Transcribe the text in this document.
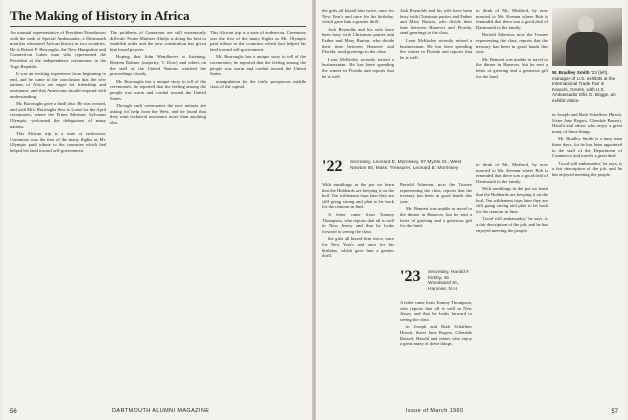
The Making of History in Africa

An unusual representative of President Eisenhower with the rank of Special Ambassador, a Dartmouth man has witnessed African history in two countries. He is Robert P. Burroughs, the New Hampshire and Connecticut Lakes man who represented the President at the independence ceremonies in the Togo Republic.

It was an exciting experience from beginning to end, and he came to the conclusion that the new nations of Africa are eager for friendship and assistance, and that Americans should respond with understanding.

Mr. Burroughs gave a thrill also. He was invited, and with Mrs. Burroughs flew to Lomé for the April ceremonies, where the Prime Minister, Sylvanus Olympio, welcomed the delegations of many nations.

This African trip is a state of endeavour, Ceremony was the first of the many flights as Mr. Olympio paid tribute to the countries which had helped his land toward self-government.

The problems of Cameroun are still enormously difficult. Prime Minister Ahidjo is doing his best to establish order and the new constitution has given him broad powers.

Hoping that John Wendhover is listening, Reuben Rubner (majority, T. Dow) and others on the staff of the United Nations watched the proceedings closely.

Mr. Burroughs has a unique story to tell of the ceremonies; he reported that the feeling among the people was warm and cordial toward the United States.

Through such ceremonies the new nations are asking for help from the West, and he found that they want technical assistance more than anything else.

This African trip is a state of endeavour, Ceremony was the first of the many flights as Mr. Olympio paid tribute to the countries which had helped his land toward self-government.

Mr. Burroughs has a unique story to tell of the ceremonies; he reported that the feeling among the people was warm and cordial toward the United States.

manipulation by the fairly prosperous middle class of the capital.

56	DARTMOUTH ALUMNI MAGAZINE

the girls all kissed him twice, once for New Year's and once for his birthday, which gave him a greater thrill.

Jack Reynolds and his wife have been busy with Christmas parties and Father and Mary Burton, who divide their time between Hanover and Florida, send greetings to the class.

Leon McKinley recently retired a businessman. He has been spending the winter in Florida and reports that he is well.

Jack Reynolds and his wife have been busy with Christmas parties and Father and Mary Burton, who divide their time between Hanover and Florida, send greetings to the class.

Leon McKinley recently retired a businessman. He has been spending the winter in Florida and reports that he is well.

to think of Mr. Medford, by now married to Mr. Keenan where Bob is reminded that there was a good deal of Dartmouth in the family.

Bertold Atherton, now the Trustee representing the class, reports that the treasury has been in good hands this year.

Mr. Bennett was unable to travel to the dinner in Hanover, but he sent a letter of greeting and a generous gift for the fund.

W. Bradley Smith '23 (left), manager of U.S. exhibits at the International Trade Fair in Karachi, Greets, with U.S. Ambassador Ellis O. Briggs, an exhibit visitor.
'22 Secretary, Leonard E. Morrissey, 87 Myrtle St., West Newton 65, Mass. Treasurer, Leonard E. Morrissey

With rumblings in the pot we learn that the Hubbards are keeping it on the boil. Ten wilderness trips later they are still going strong and plan to be back for the reunion in June.

A letter came from Tommy Thompson, who reports that all is well in New Jersey and that he looks forward to seeing the class.

the girls all kissed him twice, once for New Year's and once for his birthday, which gave him a greater thrill.

Bertold Atherton, now the Trustee representing the class, reports that the treasury has been in good hands this year.

Mr. Bennett was unable to travel to the dinner in Hanover, but he sent a letter of greeting and a generous gift for the fund.

'23 Secretary, Harold F. Kirkby, 45 Woodward St., Hanover, N.H.

A letter came from Tommy Thompson, who reports that all is well in New Jersey and that he looks forward to seeing the class.

in Joseph and Ruth Schaffner Hirsch, Sister Jane Rogers, Glendale Bassett, Harold and others who enjoy a great many of these things.

to think of Mr. Medford, by now married to Mr. Keenan where Bob is reminded that there was a good deal of Dartmouth in the family.

With rumblings in the pot we learn that the Hubbards are keeping it on the boil. Ten wilderness trips later they are still going strong and plan to be back for the reunion in June.

'Good will ambassador,' he says, is a fair description of the job, and he has enjoyed meeting the people.

in Joseph and Ruth Schaffner Hirsch, Sister Jane Rogers, Glendale Bassett, Harold and others who enjoy a great many of these things.

Mr. Bradley Smith is a busy man these days, for he has been appointed to the staff of the Department of Commerce and travels a great deal.

'Good will ambassador,' he says, is a fair description of the job, and he has enjoyed meeting the people.

Issue of March 1960	57
